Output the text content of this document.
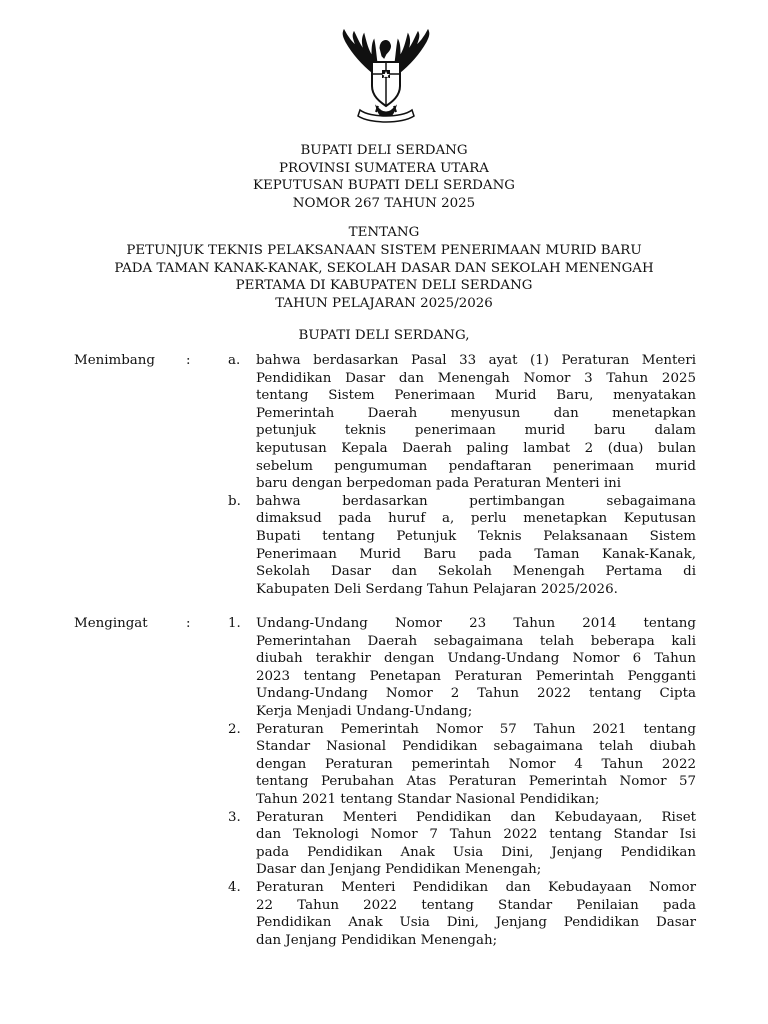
BUPATI DELI SERDANG
PROVINSI SUMATERA UTARA
KEPUTUSAN BUPATI DELI SERDANG
NOMOR 267 TAHUN 2025
TENTANG
PETUNJUK TEKNIS PELAKSANAAN SISTEM PENERIMAAN MURID BARU
PADA TAMAN KANAK-KANAK, SEKOLAH DASAR DAN SEKOLAH MENENGAH
PERTAMA DI KABUPATEN DELI SERDANG
TAHUN PELAJARAN 2025/2026
BUPATI DELI SERDANG,
Menimbang :	a. bahwa berdasarkan Pasal 33 ayat (1) Peraturan Menteri
Pendidikan Dasar dan Menengah Nomor 3 Tahun 2025
tentang Sistem Penerimaan Murid Baru, menyatakan
Pemerintah Daerah menyusun dan menetapkan
petunjuk teknis penerimaan murid baru dalam
keputusan Kepala Daerah paling lambat 2 (dua) bulan
sebelum pengumuman pendaftaran penerimaan murid
baru dengan berpedoman pada Peraturan Menteri ini
b. bahwa berdasarkan pertimbangan sebagaimana
dimaksud pada huruf a, perlu menetapkan Keputusan
Bupati tentang Petunjuk Teknis Pelaksanaan Sistem
Penerimaan Murid Baru pada Taman Kanak-Kanak,
Sekolah Dasar dan Sekolah Menengah Pertama di
Kabupaten Deli Serdang Tahun Pelajaran 2025/2026.
Mengingat	:	1. Undang-Undang Nomor 23 Tahun 2014 tentang
Pemerintahan Daerah sebagaimana telah beberapa kali
diubah terakhir dengan Undang-Undang Nomor 6 Tahun
2023 tentang Penetapan Peraturan Pemerintah Pengganti
Undang-Undang Nomor 2 Tahun 2022 tentang Cipta
Kerja Menjadi Undang-Undang;
2. Peraturan Pemerintah Nomor 57 Tahun 2021 tentang
Standar Nasional Pendidikan sebagaimana telah diubah
dengan Peraturan pemerintah Nomor 4 Tahun 2022
tentang Perubahan Atas Peraturan Pemerintah Nomor 57
Tahun 2021 tentang Standar Nasional Pendidikan;
3. Peraturan Menteri Pendidikan dan Kebudayaan, Riset
dan Teknologi Nomor 7 Tahun 2022 tentang Standar Isi
pada Pendidikan Anak Usia Dini, Jenjang Pendidikan
Dasar dan Jenjang Pendidikan Menengah;
4. Peraturan Menteri Pendidikan dan Kebudayaan Nomor
22 Tahun 2022 tentang Standar Penilaian pada
Pendidikan Anak Usia Dini, Jenjang Pendidikan Dasar
dan Jenjang Pendidikan Menengah;
